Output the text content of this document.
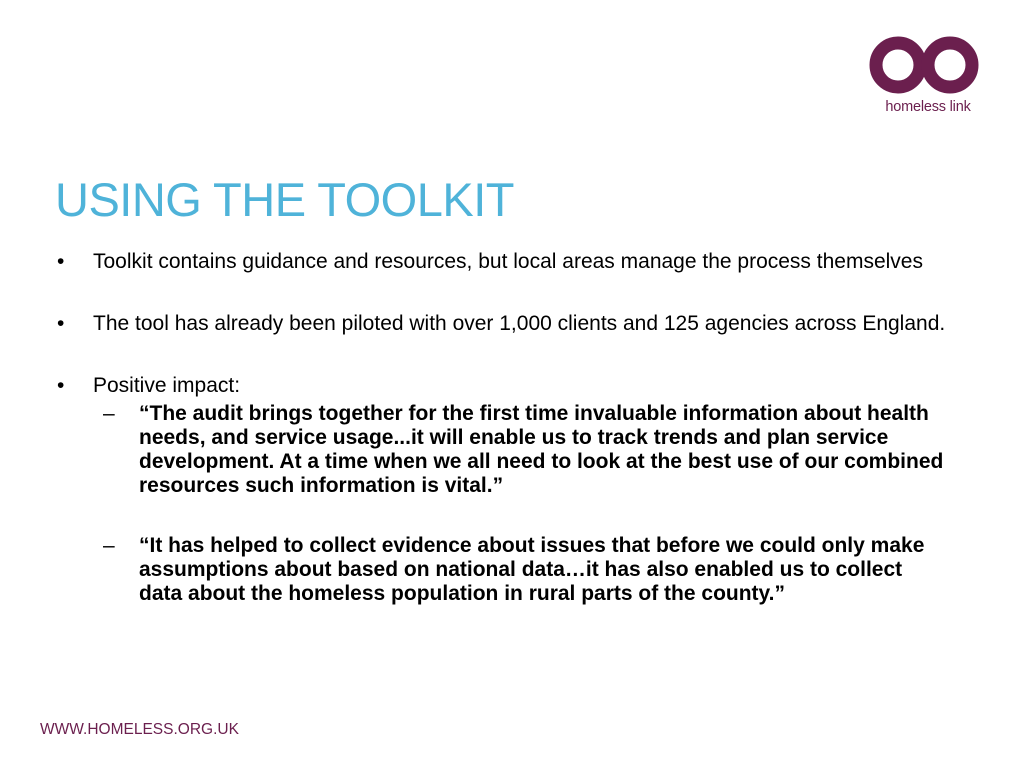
homeless link
USING THE TOOLKIT
• Toolkit contains guidance and resources, but local areas manage the process themselves
• The tool has already been piloted with over 1,000 clients and 125 agencies across England.
• Positive impact:
– “The audit brings together for the first time invaluable information about health needs, and service usage...it will enable us to track trends and plan service development. At a time when we all need to look at the best use of our combined resources such information is vital.”
– “It has helped to collect evidence about issues that before we could only make assumptions about based on national data…it has also enabled us to collect data about the homeless population in rural parts of the county.”
WWW.HOMELESS.ORG.UK
